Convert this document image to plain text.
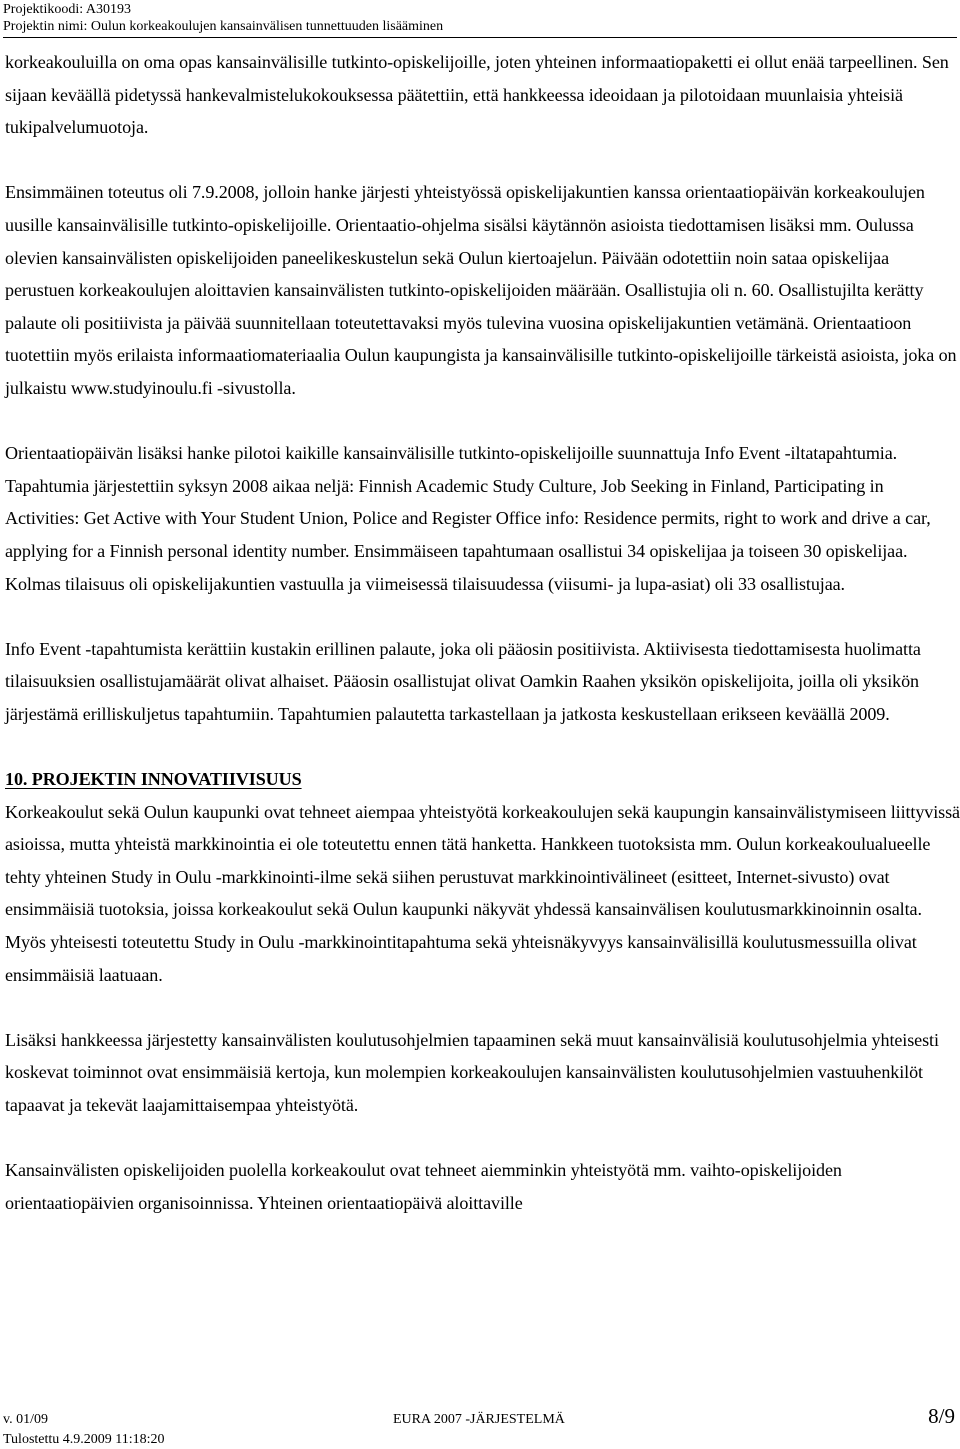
Projektikoodi: A30193
Projektin nimi: Oulun korkeakoulujen kansainvälisen tunnettuuden lisääminen

korkeakouluilla on oma opas kansainvälisille tutkinto-opiskelijoille, joten yhteinen informaatiopaketti ei ollut enää tarpeellinen. Sen sijaan keväällä pidetyssä hankevalmistelukokouksessa päätettiin, että hankkeessa ideoidaan ja pilotoidaan muunlaisia yhteisiä tukipalvelumuotoja.

Ensimmäinen toteutus oli 7.9.2008, jolloin hanke järjesti yhteistyössä opiskelijakuntien kanssa orientaatiopäivän korkeakoulujen uusille kansainvälisille tutkinto-opiskelijoille. Orientaatio-ohjelma sisälsi käytännön asioista tiedottamisen lisäksi mm. Oulussa olevien kansainvälisten opiskelijoiden paneelikeskustelun sekä Oulun kiertoajelun. Päivään odotettiin noin sataa opiskelijaa perustuen korkeakoulujen aloittavien kansainvälisten tutkinto-opiskelijoiden määrään. Osallistujia oli n. 60. Osallistujilta kerätty palaute oli positiivista ja päivää suunnitellaan toteutettavaksi myös tulevina vuosina opiskelijakuntien vetämänä. Orientaatioon tuotettiin myös erilaista informaatiomateriaalia Oulun kaupungista ja kansainvälisille tutkinto-opiskelijoille tärkeistä asioista, joka on julkaistu www.studyinoulu.fi -sivustolla.

Orientaatiopäivän lisäksi hanke pilotoi kaikille kansainvälisille tutkinto-opiskelijoille suunnattuja Info Event -iltatapahtumia. Tapahtumia järjestettiin syksyn 2008 aikaa neljä: Finnish Academic Study Culture, Job Seeking in Finland, Participating in Activities: Get Active with Your Student Union, Police and Register Office info: Residence permits, right to work and drive a car, applying for a Finnish personal identity number. Ensimmäiseen tapahtumaan osallistui 34 opiskelijaa ja toiseen 30 opiskelijaa. Kolmas tilaisuus oli opiskelijakuntien vastuulla ja viimeisessä tilaisuudessa (viisumi- ja lupa-asiat) oli 33 osallistujaa.

Info Event -tapahtumista kerättiin kustakin erillinen palaute, joka oli pääosin positiivista. Aktiivisesta tiedottamisesta huolimatta tilaisuuksien osallistujamäärät olivat alhaiset. Pääosin osallistujat olivat Oamkin Raahen yksikön opiskelijoita, joilla oli yksikön järjestämä erilliskuljetus tapahtumiin. Tapahtumien palautetta tarkastellaan ja jatkosta keskustellaan erikseen keväällä 2009.

10. PROJEKTIN INNOVATIIVISUUS

Korkeakoulut sekä Oulun kaupunki ovat tehneet aiempaa yhteistyötä korkeakoulujen sekä kaupungin kansainvälistymiseen liittyvissä asioissa, mutta yhteistä markkinointia ei ole toteutettu ennen tätä hanketta. Hankkeen tuotoksista mm. Oulun korkeakoulualueelle tehty yhteinen Study in Oulu -markkinointi-ilme sekä siihen perustuvat markkinointivälineet (esitteet, Internet-sivusto) ovat ensimmäisiä tuotoksia, joissa korkeakoulut sekä Oulun kaupunki näkyvät yhdessä kansainvälisen koulutusmarkkinoinnin osalta. Myös yhteisesti toteutettu Study in Oulu -markkinointitapahtuma sekä yhteisnäkyvyys kansainvälisillä koulutusmessuilla olivat ensimmäisiä laatuaan.

Lisäksi hankkeessa järjestetty kansainvälisten koulutusohjelmien tapaaminen sekä muut kansainvälisiä koulutusohjelmia yhteisesti koskevat toiminnot ovat ensimmäisiä kertoja, kun molempien korkeakoulujen kansainvälisten koulutusohjelmien vastuuhenkilöt tapaavat ja tekevät laajamittaisempaa yhteistyötä.

Kansainvälisten opiskelijoiden puolella korkeakoulut ovat tehneet aiemminkin yhteistyötä mm. vaihto-opiskelijoiden orientaatiopäivien organisoinnissa. Yhteinen orientaatiopäivä aloittaville

v. 01/09	EURA 2007 -JÄRJESTELMÄ	8/9
Tulostettu 4.9.2009 11:18:20
